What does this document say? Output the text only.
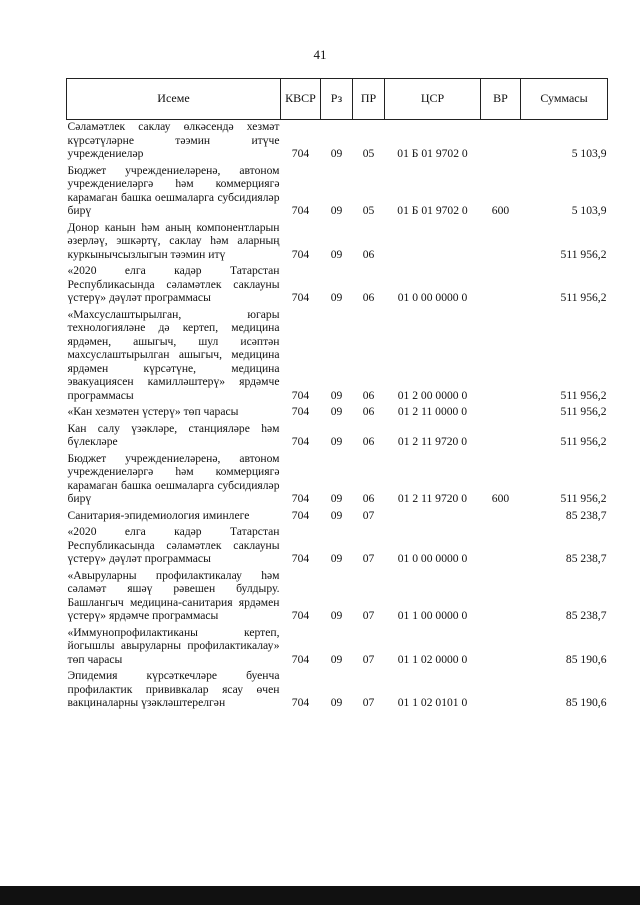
41
Исеме	КВСР	Рз	ПР	ЦСР	ВР	Суммасы
Сәламәтлек саклау өлкәсендә хезмәт күрсәтүләрне тәэмин итүче учреждениеләр	704	09	05	01 Б 01 9702 0		5 103,9
Бюджет учреждениеләренә, автоном учреждениеләргә һәм коммерциягә карамаган башка оешмаларга субсидияләр бирү	704	09	05	01 Б 01 9702 0	600	5 103,9
Донор канын һәм аның компонентларын әзерләү, эшкәртү, саклау һәм аларның куркынычсызлыгын тәэмин итү	704	09	06			511 956,2
«2020 елга кадәр Татарстан Республикасында сәламәтлек саклауны үстерү» дәүләт программасы	704	09	06	01 0 00 0000 0		511 956,2
«Махсуслаштырылган, югары технологияләне дә кертеп, медицина ярдәмен, ашыгыч, шул исәптән махсуслаштырылган ашыгыч, медицина ярдәмен күрсәтүне, медицина эвакуациясен камилләштерү» ярдәмче программасы	704	09	06	01 2 00 0000 0		511 956,2
«Кан хезмәтен үстерү» төп чарасы	704	09	06	01 2 11 0000 0		511 956,2
Кан салу үзәкләре, станцияләре һәм бүлекләре	704	09	06	01 2 11 9720 0		511 956,2
Бюджет учреждениеләренә, автоном учреждениеләргә һәм коммерциягә карамаган башка оешмаларга субсидияләр бирү	704	09	06	01 2 11 9720 0	600	511 956,2
Санитария-эпидемиология иминлеге	704	09	07			85 238,7
«2020 елга кадәр Татарстан Республикасында сәламәтлек саклауны үстерү» дәүләт программасы	704	09	07	01 0 00 0000 0		85 238,7
«Авыруларны профилактикалау һәм сәламәт яшәү рәвешен булдыру. Башлангыч медицина-санитария ярдәмен үстерү» ярдәмче программасы	704	09	07	01 1 00 0000 0		85 238,7
«Иммунопрофилактиканы кертеп, йогышлы авыруларны профилактикалау» төп чарасы	704	09	07	01 1 02 0000 0		85 190,6
Эпидемия күрсәткечләре буенча профилактик прививкалар ясау өчен вакциналарны үзәкләштерелгән	704	09	07	01 1 02 0101 0		85 190,6
